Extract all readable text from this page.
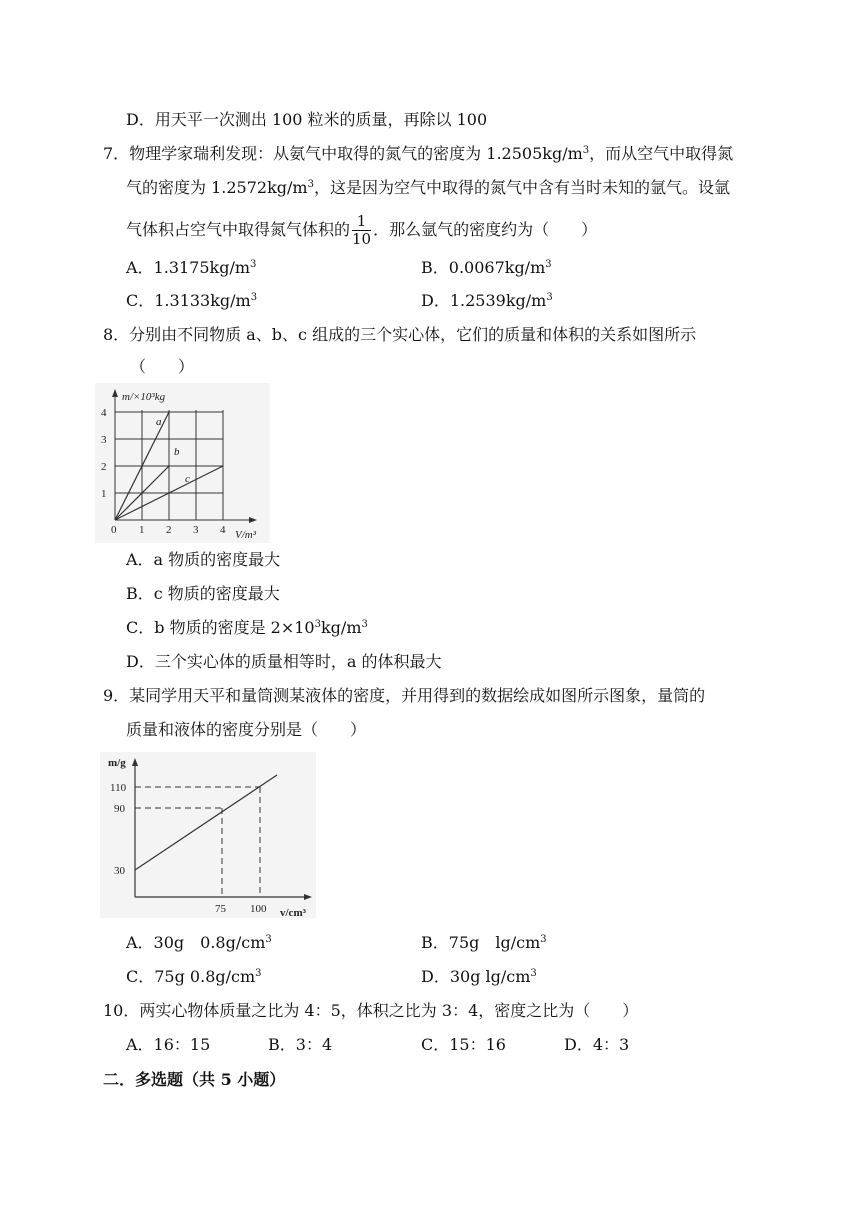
D．用天平一次测出 100 粒米的质量，再除以 100
7．物理学家瑞利发现：从氨气中取得的氮气的密度为 $1.2505kg/m^3$，而从空气中取得氮
气的密度为 $1.2572kg/m^3$，这是因为空气中取得的氮气中含有当时未知的氩气。设氩
气体积占空气中取得氮气体积的 $\frac{1}{10}$ ．那么氩气的密度约为（　　）
A．$1.3175kg/m^3$	B．$0.0067kg/m^3$
C．$1.3133kg/m^3$	D．$1.2539kg/m^3$
8．分别由不同物质 a、b、c 组成的三个实心体，它们的质量和体积的关系如图所示
（　　）
a
b
c
m/×10³kg
V/m³
4
3
2
1
0 1 2 3 4
A．a 物质的密度最大
B．c 物质的密度最大
C．b 物质的密度是 $2\times 10^3kg/m^3$
D．三个实心体的质量相等时，a 的体积最大
9．某同学用天平和量筒测某液体的密度，并用得到的数据绘成如图所示图象，量筒的
质量和液体的密度分别是（　　）
m/g
v/cm³
110
90
30
75 100
A．30g　$0.8g/cm^3$	B．75g　$\lg/cm^3$
C．75g $0.8g/cm^3$	D．30g $\lg/cm^3$
10．两实心物体质量之比为 4：5，体积之比为 3：4，密度之比为（　　）
A．16：15	B．3：4	C．15：16	D．4：3
二．多选题（共 5 小题）
